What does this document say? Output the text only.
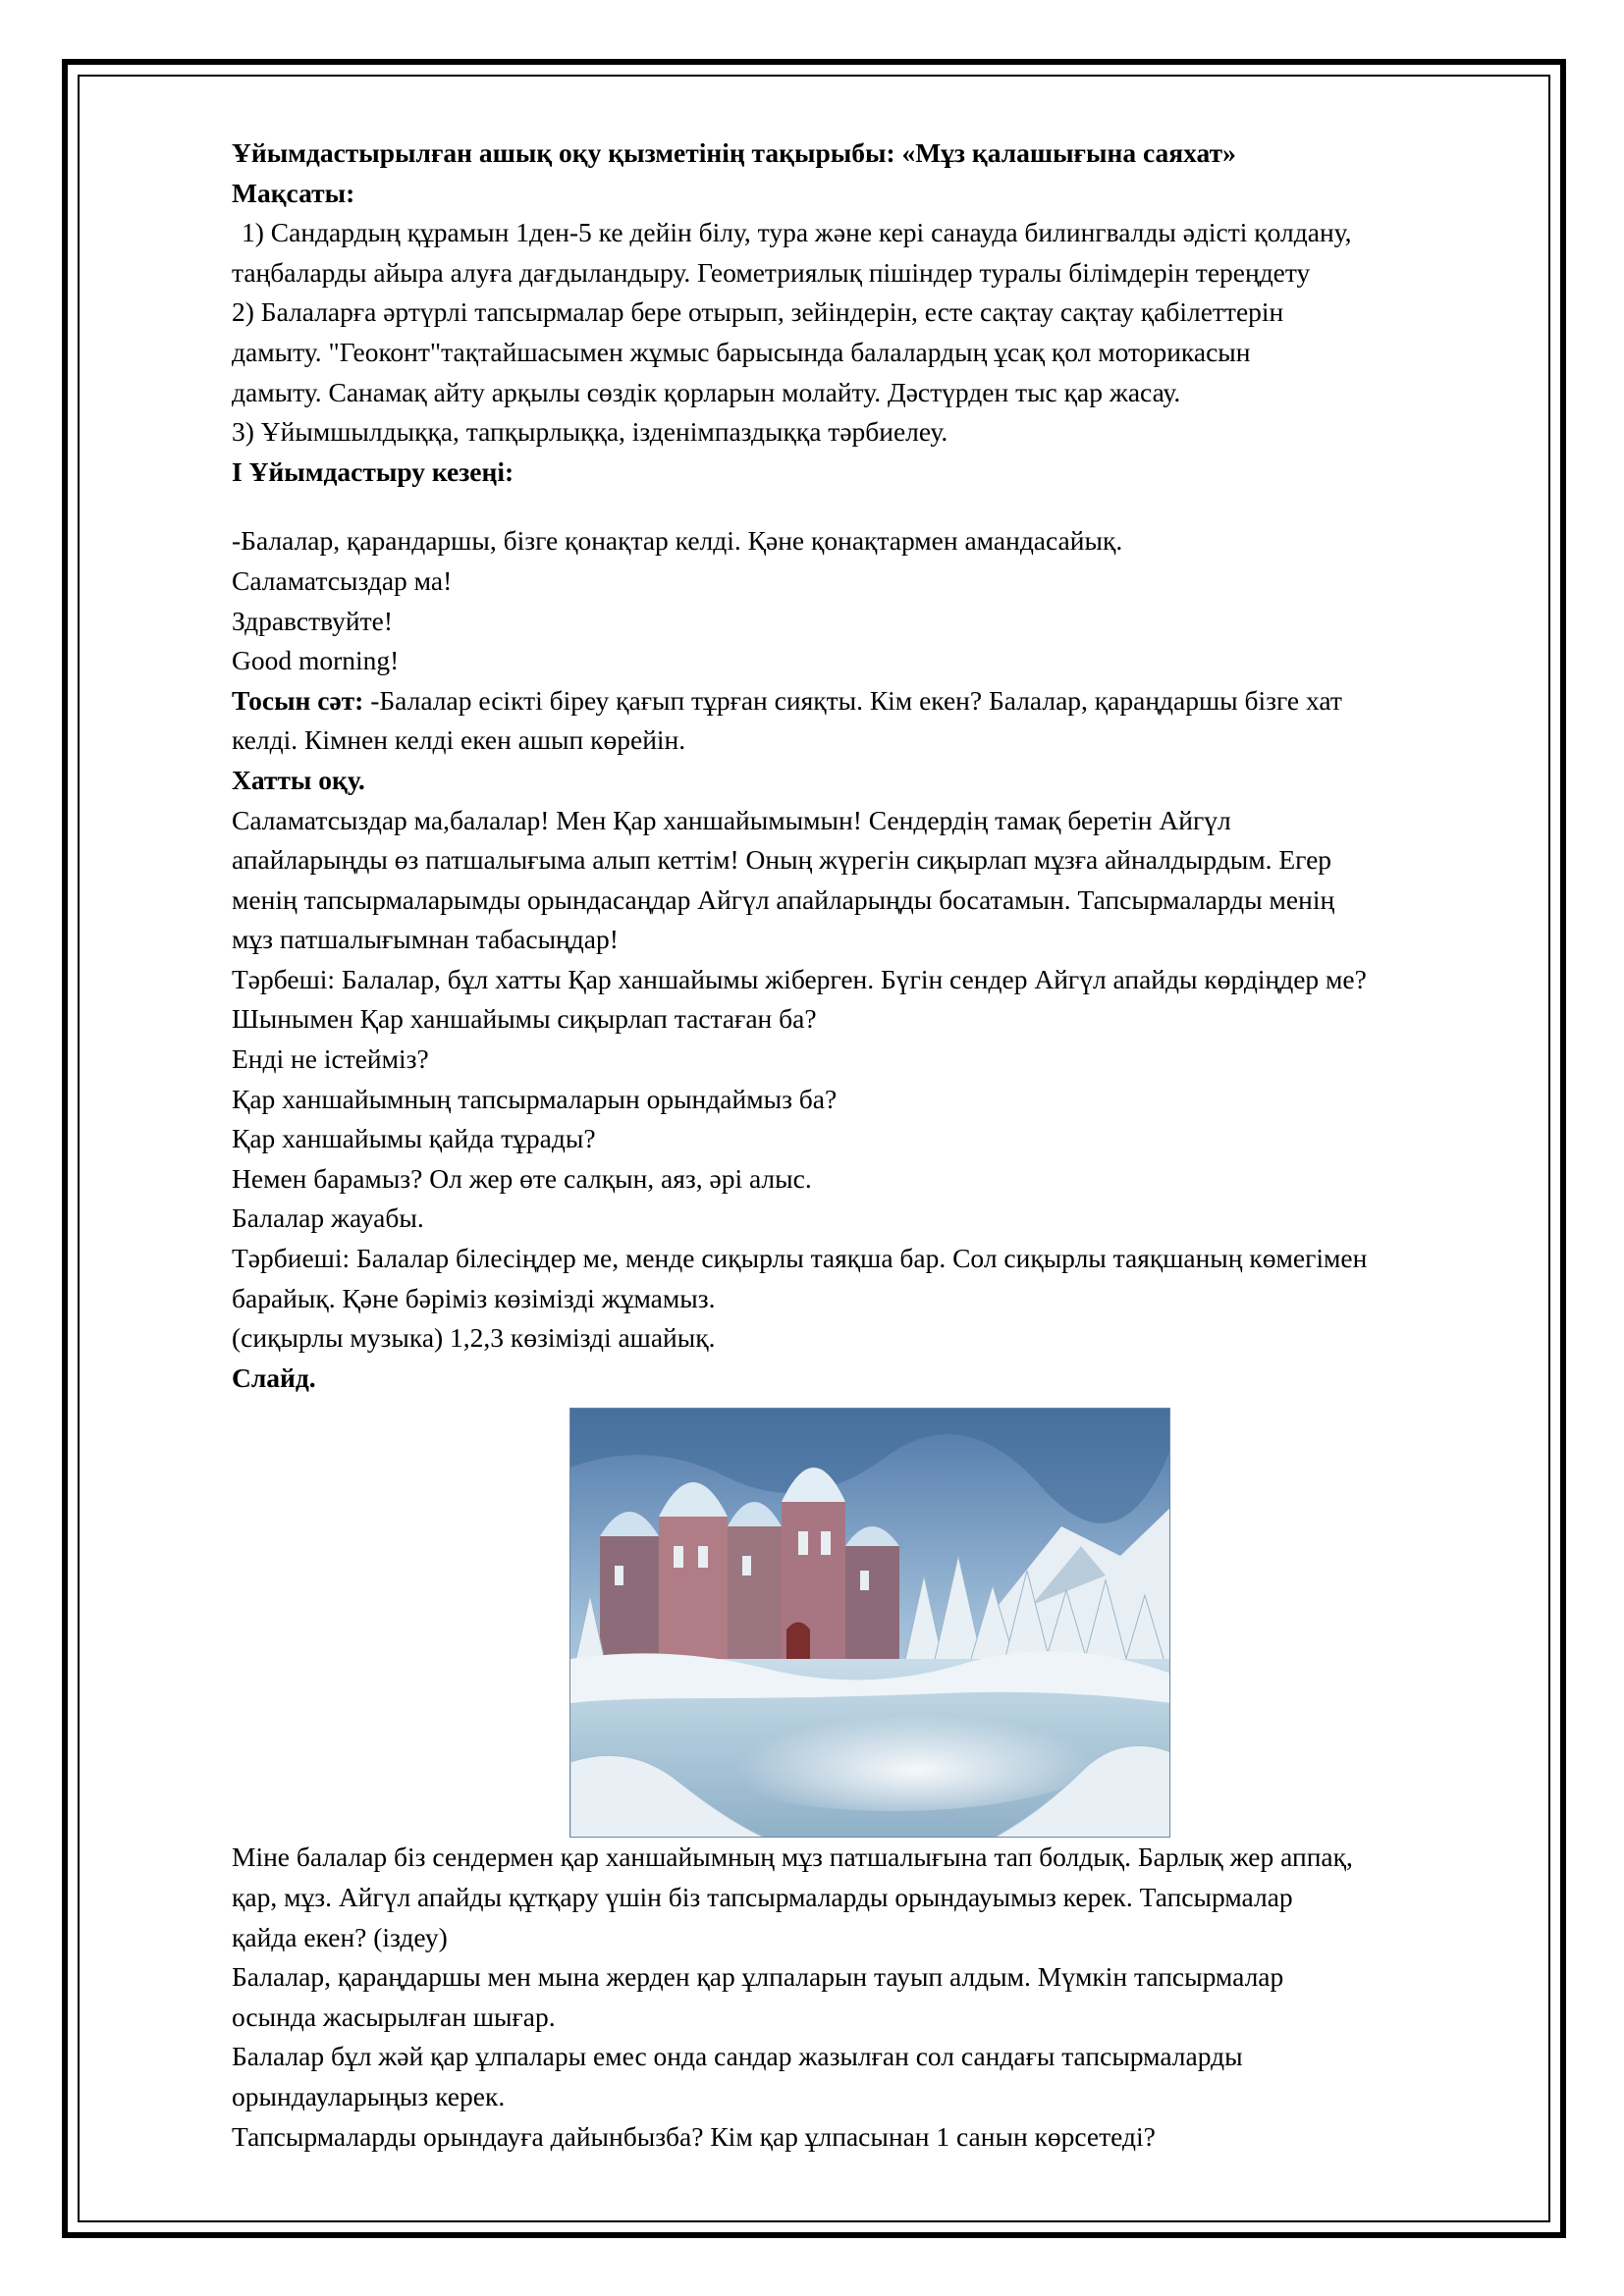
Ұйымдастырылған ашық оқу қызметінің тақырыбы: «Мұз қалашығына саяхат»

Мақсаты:

1) Сандардың құрамын 1ден-5 ке дейін білу, тура және кері санауда билингвалды әдісті қолдану,

таңбаларды айыра алуға дағдыландыру. Геометриялық пішіндер туралы білімдерін тереңдету

2) Балаларға әртүрлі тапсырмалар бере отырып, зейіндерін, есте сақтау сақтау қабілеттерін

дамыту. "Геоконт"тақтайшасымен жұмыс барысында балалардың ұсақ қол моторикасын

дамыту. Санамақ айту арқылы сөздік қорларын молайту. Дәстүрден тыс қар жасау.

3) Ұйымшылдыққа, тапқырлыққа, ізденімпаздыққа тәрбиелеу.

І Ұйымдастыру кезеңі:

-Балалар, қарандаршы, бізге қонақтар келді. Қәне қонақтармен амандасайық.

Саламатсыздар ма!

Здравствуйте!

Good morning!

Тосын сәт: -Балалар есікті біреу қағып тұрған сияқты. Кім екен? Балалар, қараңдаршы бізге хат

келді. Кімнен келді екен ашып көрейін.

Хатты оқу.

Саламатсыздар ма,балалар! Мен Қар ханшайымымын! Сендердің тамақ беретін Айгүл

апайларыңды өз патшалығыма алып кеттім! Оның жүрегін сиқырлап мұзға айналдырдым. Егер

менің тапсырмаларымды орындасаңдар Айгүл апайларыңды босатамын. Тапсырмаларды менің

мұз патшалығымнан табасыңдар!

Тәрбеші: Балалар, бұл хатты Қар ханшайымы жіберген. Бүгін сендер Айгүл апайды көрдіңдер ме?

Шынымен Қар ханшайымы сиқырлап тастаған ба?

Енді не істейміз?

Қар ханшайымның тапсырмаларын орындаймыз ба?

Қар ханшайымы қайда тұрады?

Немен барамыз? Ол жер өте салқын, аяз, әрі алыс.

Балалар жауабы.

Тәрбиеші: Балалар білесіңдер ме, менде сиқырлы таяқша бар. Сол сиқырлы таяқшаның көмегімен

барайық. Қәне бәріміз көзімізді жұмамыз.

(сиқырлы музыка) 1,2,3 көзімізді ашайық.

Слайд.

Міне балалар біз сендермен қар ханшайымның мұз патшалығына тап болдық. Барлық жер аппақ,

қар, мұз. Айгүл апайды құтқару үшін біз тапсырмаларды орындауымыз керек. Тапсырмалар

қайда екен? (іздеу)

Балалар, қараңдаршы мен мына жерден қар ұлпаларын тауып алдым. Мүмкін тапсырмалар

осында жасырылған шығар.

Балалар бұл жәй қар ұлпалары емес онда сандар жазылған сол сандағы тапсырмаларды

орындауларыңыз керек.

Тапсырмаларды орындауға дайынбызба? Кім қар ұлпасынан 1 санын көрсетеді?
